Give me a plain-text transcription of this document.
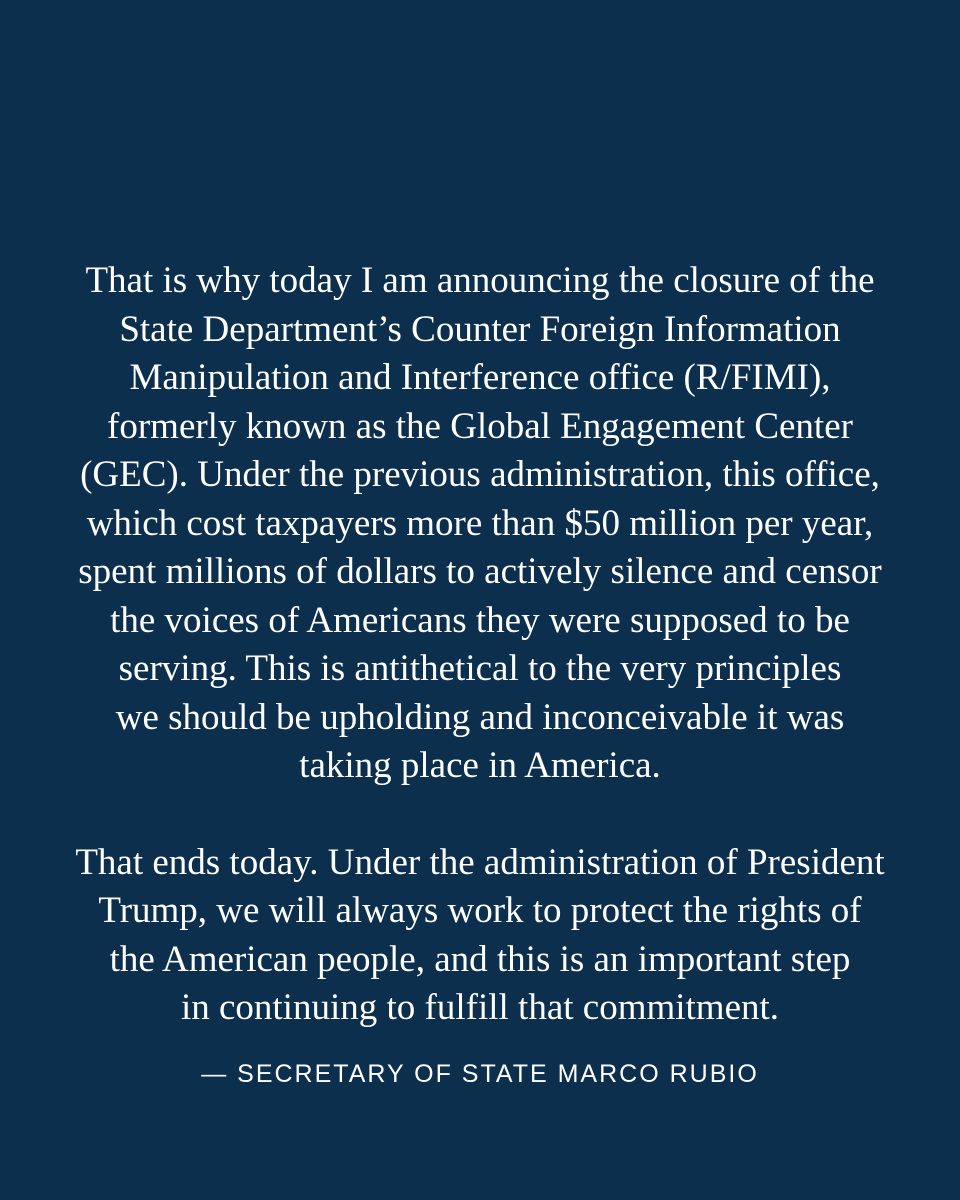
That is why today I am announcing the closure of the
State Department’s Counter Foreign Information
Manipulation and Interference office (R/FIMI),
formerly known as the Global Engagement Center
(GEC). Under the previous administration, this office,
which cost taxpayers more than $50 million per year,
spent millions of dollars to actively silence and censor
the voices of Americans they were supposed to be
serving. This is antithetical to the very principles
we should be upholding and inconceivable it was
taking place in America.

That ends today. Under the administration of President
Trump, we will always work to protect the rights of
the American people, and this is an important step
in continuing to fulfill that commitment.

— SECRETARY OF STATE MARCO RUBIO
